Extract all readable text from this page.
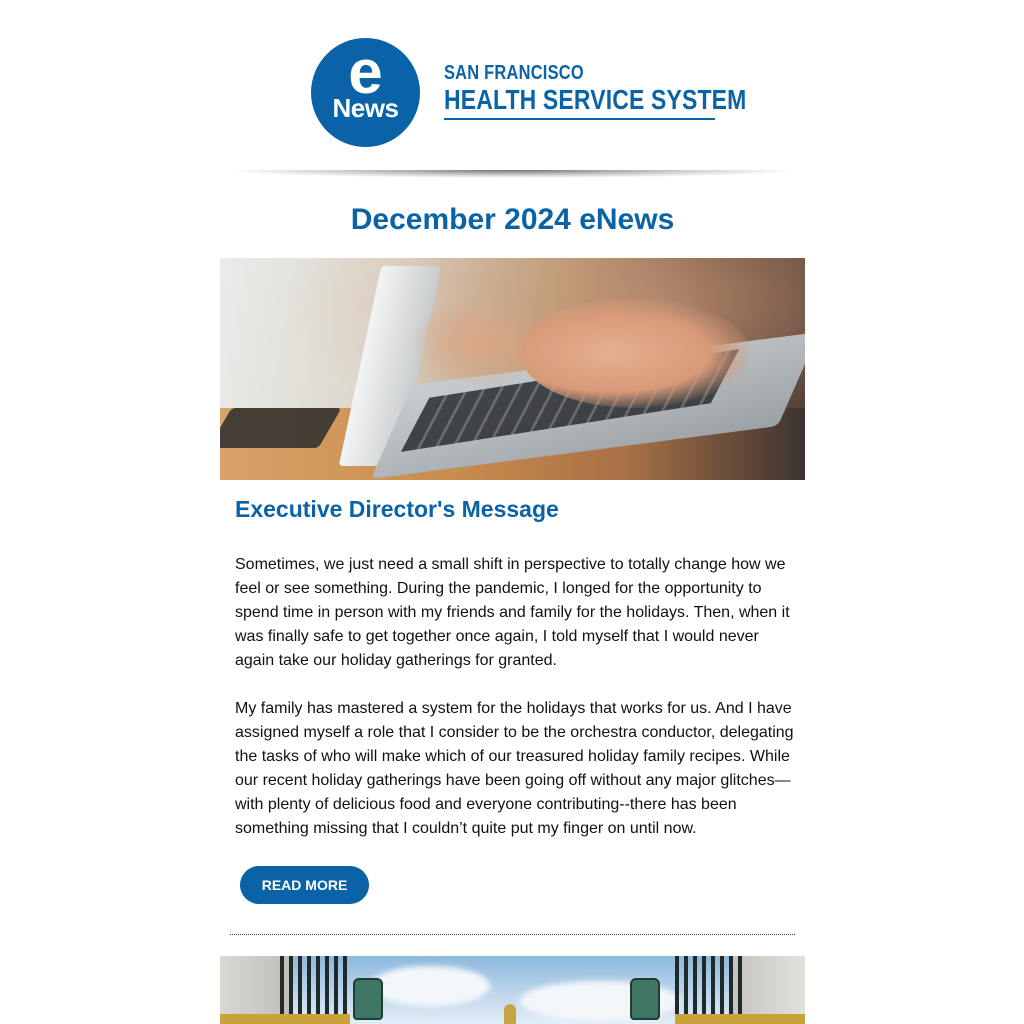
e
News
SAN FRANCISCO
HEALTH SERVICE SYSTEM
December 2024 eNews
Executive Director's Message

Sometimes, we just need a small shift in perspective to totally change how we feel or see something. During the pandemic, I longed for the opportunity to spend time in person with my friends and family for the holidays. Then, when it was finally safe to get together once again, I told myself that I would never again take our holiday gatherings for granted.

My family has mastered a system for the holidays that works for us. And I have assigned myself a role that I consider to be the orchestra conductor, delegating the tasks of who will make which of our treasured holiday family recipes. While our recent holiday gatherings have been going off without any major glitches—with plenty of delicious food and everyone contributing--there has been something missing that I couldn’t quite put my finger on until now.

READ MORE
